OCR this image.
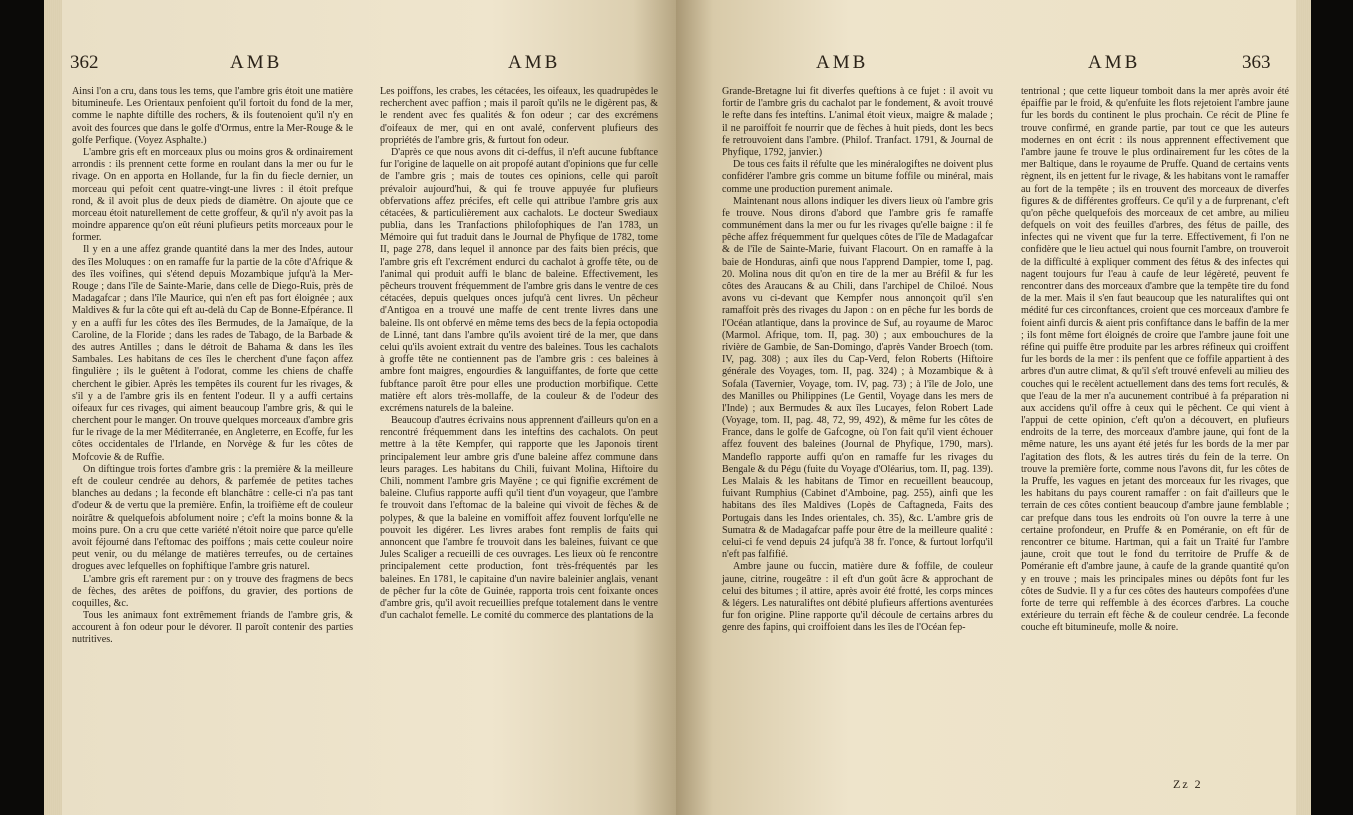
362	AMB	AMB

Ainsi l'on a cru, dans tous les tems, que l'ambre gris étoit une matière bitumineufe. Les Orientaux penfoient qu'il fortoit du fond de la mer, comme le naphte diftille des rochers, & ils foutenoient qu'il n'y en avoit des fources que dans le golfe d'Ormus, entre la Mer-Rouge & le golfe Perfique. (Voyez Asphalte.)

L'ambre gris eft en morceaux plus ou moins gros & ordinairement arrondis : ils prennent cette forme en roulant dans la mer ou fur le rivage. On en apporta en Hollande, fur la fin du fiecle dernier, un morceau qui pefoit cent quatre-vingt-une livres : il étoit prefque rond, & il avoit plus de deux pieds de diamètre. On ajoute que ce morceau étoit naturellement de cette groffeur, & qu'il n'y avoit pas la moindre apparence qu'on eût réuni plufieurs petits morceaux pour le former.

Il y en a une affez grande quantité dans la mer des Indes, autour des îles Moluques : on en ramaffe fur la partie de la côte d'Afrique & des îles voifines, qui s'étend depuis Mozambique jufqu'à la Mer-Rouge ; dans l'île de Sainte-Marie, dans celle de Diego-Ruis, près de Madagafcar ; dans l'île Maurice, qui n'en eft pas fort éloignée ; aux Maldives & fur la côte qui eft au-delà du Cap de Bonne-Efpérance. Il y en a auffi fur les côtes des îles Bermudes, de la Jamaïque, de la Caroline, de la Floride ; dans les rades de Tabago, de la Barbade & des autres Antilles ; dans le détroit de Bahama & dans les îles Sambales. Les habitans de ces îles le cherchent d'une façon affez fingulière ; ils le guêtent à l'odorat, comme les chiens de chaffe cherchent le gibier. Après les tempêtes ils courent fur les rivages, & s'il y a de l'ambre gris ils en fentent l'odeur. Il y a auffi certains oifeaux fur ces rivages, qui aiment beaucoup l'ambre gris, & qui le cherchent pour le manger. On trouve quelques morceaux d'ambre gris fur le rivage de la mer Méditerranée, en Angleterre, en Ecoffe, fur les côtes occidentales de l'Irlande, en Norvège & fur les côtes de Mofcovie & de Ruffie.

On diftingue trois fortes d'ambre gris : la première & la meilleure eft de couleur cendrée au dehors, & parfemée de petites taches blanches au dedans ; la feconde eft blanchâtre : celle-ci n'a pas tant d'odeur & de vertu que la première. Enfin, la troifième eft de couleur noirâtre & quelquefois abfolument noire ; c'eft la moins bonne & la moins pure. On a cru que cette variété n'étoit noire que parce qu'elle avoit féjourné dans l'eftomac des poiffons ; mais cette couleur noire peut venir, ou du mélange de matières terreufes, ou de certaines drogues avec lefquelles on fophiftique l'ambre gris naturel.

L'ambre gris eft rarement pur : on y trouve des fragmens de becs de fèches, des arêtes de poiffons, du gravier, des portions de coquilles, &c.

Tous les animaux font extrêmement friands de l'ambre gris, & accourent à fon odeur pour le dévorer. Il paroît contenir des parties nutritives.

Les poiffons, les crabes, les cétacées, les oifeaux, les quadrupèdes le recherchent avec paffion ; mais il paroît qu'ils ne le digèrent pas, & le rendent avec fes qualités & fon odeur ; car des excrémens d'oifeaux de mer, qui en ont avalé, confervent plufieurs des propriétés de l'ambre gris, & furtout fon odeur.

D'après ce que nous avons dit ci-deffus, il n'eft aucune fubftance fur l'origine de laquelle on ait propofé autant d'opinions que fur celle de l'ambre gris ; mais de toutes ces opinions, celle qui paroît prévaloir aujourd'hui, & qui fe trouve appuyée fur plufieurs obfervations affez précifes, eft celle qui attribue l'ambre gris aux cétacées, & particulièrement aux cachalots. Le docteur Swediaux publia, dans les Tranfactions philofophiques de l'an 1783, un Mémoire qui fut traduit dans le Journal de Phyfique de 1782, tome II, page 278, dans lequel il annonce par des faits bien précis, que l'ambre gris eft l'excrément endurci du cachalot à groffe tête, ou de l'animal qui produit auffi le blanc de baleine. Effectivement, les pêcheurs trouvent fréquemment de l'ambre gris dans le ventre de ces cétacées, depuis quelques onces jufqu'à cent livres. Un pêcheur d'Antigoa en a trouvé une maffe de cent trente livres dans une baleine. Ils ont obfervé en même tems des becs de la fepia octopodia de Linné, tant dans l'ambre qu'ils avoient tiré de la mer, que dans celui qu'ils avoient extrait du ventre des baleines. Tous les cachalots à groffe tête ne contiennent pas de l'ambre gris : ces baleines à ambre font maigres, engourdies & languiffantes, de forte que cette fubftance paroît être pour elles une production morbifique. Cette matière eft alors très-mollaffe, de la couleur & de l'odeur des excrémens naturels de la baleine.

Beaucoup d'autres écrivains nous apprennent d'ailleurs qu'on en a rencontré fréquemment dans les inteftins des cachalots. On peut mettre à la tête Kempfer, qui rapporte que les Japonois tirent principalement leur ambre gris d'une baleine affez commune dans leurs parages. Les habitans du Chili, fuivant Molina, Hiftoire du Chili, nomment l'ambre gris Mayëne ; ce qui fignifie excrément de baleine. Clufius rapporte auffi qu'il tient d'un voyageur, que l'ambre fe trouvoit dans l'eftomac de la baleine qui vivoit de fèches & de polypes, & que la baleine en vomiffoit affez fouvent lorfqu'elle ne pouvoit les digérer. Les livres arabes font remplis de faits qui annoncent que l'ambre fe trouvoit dans les baleines, fuivant ce que Jules Scaliger a recueilli de ces ouvrages. Les lieux où fe rencontre principalement cette production, font très-fréquentés par les baleines. En 1781, le capitaine d'un navire baleinier anglais, venant de pêcher fur la côte de Guinée, rapporta trois cent foixante onces d'ambre gris, qu'il avoit recueillies prefque totalement dans le ventre d'un cachalot femelle. Le comité du commerce des plantations de la

AMB	AMB	363

Grande-Bretagne lui fit diverfes queftions à ce fujet : il avoit vu fortir de l'ambre gris du cachalot par le fondement, & avoit trouvé le refte dans fes inteftins. L'animal étoit vieux, maigre & malade ; il ne paroiffoit fe nourrir que de fèches à huit pieds, dont les becs fe retrouvoient dans l'ambre. (Philof. Tranfact. 1791, & Journal de Phyfique, 1792, janvier.)

De tous ces faits il réfulte que les minéralogiftes ne doivent plus confidérer l'ambre gris comme un bitume foffile ou minéral, mais comme une production purement animale.

Maintenant nous allons indiquer les divers lieux où l'ambre gris fe trouve. Nous dirons d'abord que l'ambre gris fe ramaffe communément dans la mer ou fur les rivages qu'elle baigne : il fe pêche affez fréquemment fur quelques côtes de l'île de Madagafcar & de l'île de Sainte-Marie, fuivant Flacourt. On en ramaffe à la baie de Honduras, ainfi que nous l'apprend Dampier, tome I, pag. 20. Molina nous dit qu'on en tire de la mer au Bréfil & fur les côtes des Araucans & au Chili, dans l'archipel de Chiloé. Nous avons vu ci-devant que Kempfer nous annonçoit qu'il s'en ramaffoit près des rivages du Japon : on en pêche fur les bords de l'Océan atlantique, dans la province de Suf, au royaume de Maroc (Marmol. Afrique, tom. II, pag. 30) ; aux embouchures de la rivière de Gambie, de San-Domingo, d'après Vander Broech (tom. IV, pag. 308) ; aux îles du Cap-Verd, felon Roberts (Hiftoire générale des Voyages, tom. II, pag. 324) ; à Mozambique & à Sofala (Tavernier, Voyage, tom. IV, pag. 73) ; à l'île de Jolo, une des Manilles ou Philippines (Le Gentil, Voyage dans les mers de l'Inde) ; aux Bermudes & aux îles Lucayes, felon Robert Lade (Voyage, tom. II, pag. 48, 72, 99, 492), & même fur les côtes de France, dans le golfe de Gafcogne, où l'on fait qu'il vient échouer affez fouvent des baleines (Journal de Phyfique, 1790, mars). Mandeflo rapporte auffi qu'on en ramaffe fur les rivages du Bengale & du Pégu (fuite du Voyage d'Oléarius, tom. II, pag. 139). Les Malais & les habitans de Timor en recueillent beaucoup, fuivant Rumphius (Cabinet d'Amboine, pag. 255), ainfi que les habitans des îles Maldives (Lopès de Caftagneda, Faits des Portugais dans les Indes orientales, ch. 35), &c. L'ambre gris de Sumatra & de Madagafcar paffe pour être de la meilleure qualité : celui-ci fe vend depuis 24 jufqu'à 38 fr. l'once, & furtout lorfqu'il n'eft pas falfifié.

Ambre jaune ou fuccin, matière dure & foffile, de couleur jaune, citrine, rougeâtre : il eft d'un goût âcre & approchant de celui des bitumes ; il attire, après avoir été frotté, les corps minces & légers. Les naturaliftes ont débité plufieurs affertions aventurées fur fon origine. Pline rapporte qu'il découle de certains arbres du genre des fapins, qui croiffoient dans les îles de l'Océan fep-

tentrional ; que cette liqueur tomboit dans la mer après avoir été épaiffie par le froid, & qu'enfuite les flots rejetoient l'ambre jaune fur les bords du continent le plus prochain. Ce récit de Pline fe trouve confirmé, en grande partie, par tout ce que les auteurs modernes en ont écrit : ils nous apprennent effectivement que l'ambre jaune fe trouve le plus ordinairement fur les côtes de la mer Baltique, dans le royaume de Pruffe. Quand de certains vents règnent, ils en jettent fur le rivage, & les habitans vont le ramaffer au fort de la tempête ; ils en trouvent des morceaux de diverfes figures & de différentes groffeurs. Ce qu'il y a de furprenant, c'eft qu'on pêche quelquefois des morceaux de cet ambre, au milieu defquels on voit des feuilles d'arbres, des fétus de paille, des infectes qui ne vivent que fur la terre. Effectivement, fi l'on ne confidère que le lieu actuel qui nous fournit l'ambre, on trouveroit de la difficulté à expliquer comment des fétus & des infectes qui nagent toujours fur l'eau à caufe de leur légèreté, peuvent fe rencontrer dans des morceaux d'ambre que la tempête tire du fond de la mer. Mais il s'en faut beaucoup que les naturaliftes qui ont médité fur ces circonftances, croient que ces morceaux d'ambre fe foient ainfi durcis & aient pris confiftance dans le baffin de la mer ; ils font même fort éloignés de croire que l'ambre jaune foit une réfine qui puiffe être produite par les arbres réfineux qui croiffent fur les bords de la mer : ils penfent que ce foffile appartient à des arbres d'un autre climat, & qu'il s'eft trouvé enfeveli au milieu des couches qui le recèlent actuellement dans des tems fort reculés, & que l'eau de la mer n'a aucunement contribué à fa préparation ni aux accidens qu'il offre à ceux qui le pêchent. Ce qui vient à l'appui de cette opinion, c'eft qu'on a découvert, en plufieurs endroits de la terre, des morceaux d'ambre jaune, qui font de la même nature, les uns ayant été jetés fur les bords de la mer par l'agitation des flots, & les autres tirés du fein de la terre. On trouve la première forte, comme nous l'avons dit, fur les côtes de la Pruffe, les vagues en jetant des morceaux fur les rivages, que les habitans du pays courent ramaffer : on fait d'ailleurs que le terrain de ces côtes contient beaucoup d'ambre jaune femblable ; car prefque dans tous les endroits où l'on ouvre la terre à une certaine profondeur, en Pruffe & en Poméranie, on eft fûr de rencontrer ce bitume. Hartman, qui a fait un Traité fur l'ambre jaune, croit que tout le fond du territoire de Pruffe & de Poméranie eft d'ambre jaune, à caufe de la grande quantité qu'on y en trouve ; mais les principales mines ou dépôts font fur les côtes de Sudvie. Il y a fur ces côtes des hauteurs compofées d'une forte de terre qui reffemble à des écorces d'arbres. La couche extérieure du terrain eft fèche & de couleur cendrée. La feconde couche eft bitumineufe, molle & noire.

Zz 2
